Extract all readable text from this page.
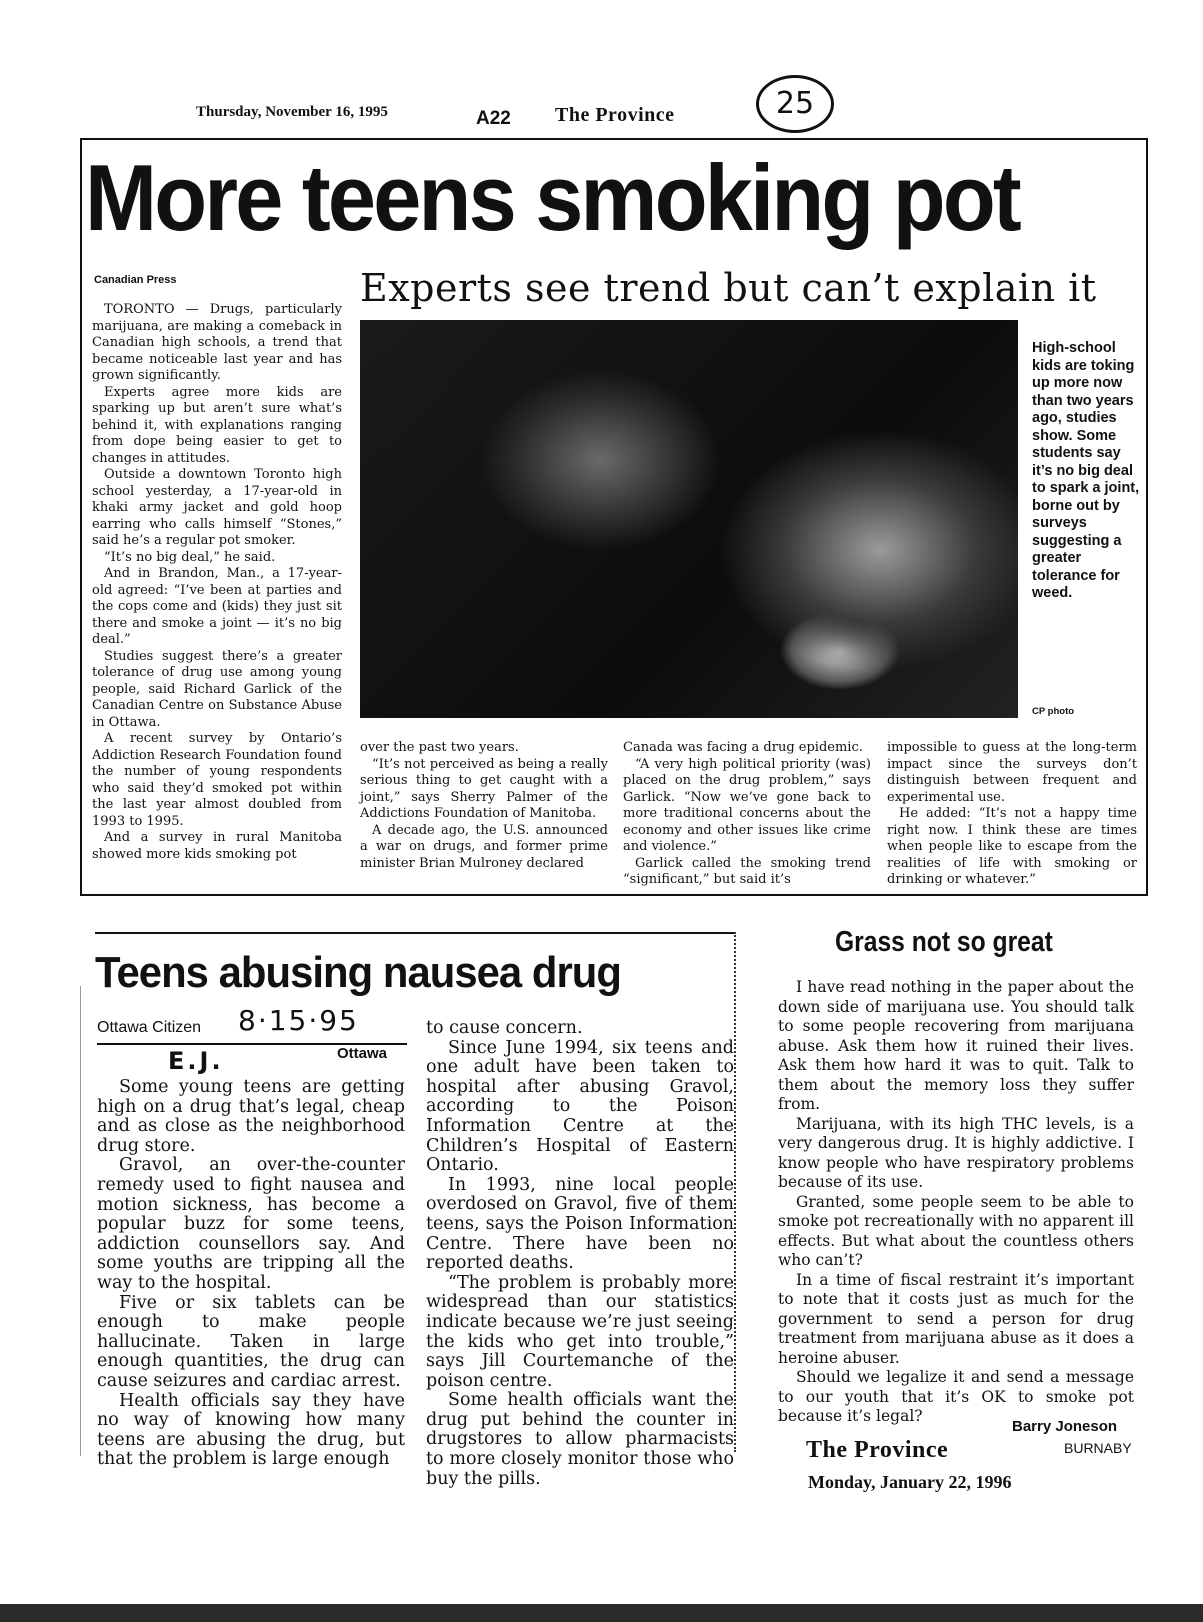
Thursday, November 16, 1995	A22 The Province	25
More teens smoking pot
Canadian Press	Experts see trend but can’t explain it

TORONTO — Drugs, particularly marijuana, are making a comeback in Canadian high schools, a trend that became noticeable last year and has grown significantly.

Experts agree more kids are sparking up but aren’t sure what’s behind it, with explanations ranging from dope being easier to get to changes in attitudes.

Outside a downtown Toronto high school yesterday, a 17-year-old in khaki army jacket and gold hoop earring who calls himself “Stones,” said he’s a regular pot smoker.

“It’s no big deal,” he said.

And in Brandon, Man., a 17-year-old agreed: “I’ve been at parties and the cops come and (kids) they just sit there and smoke a joint — it’s no big deal.”

Studies suggest there’s a greater tolerance of drug use among young people, said Richard Garlick of the Canadian Centre on Substance Abuse in Ottawa.

A recent survey by Ontario’s Addiction Research Foundation found the number of young respondents who said they’d smoked pot within the last year almost doubled from 1993 to 1995.

And a survey in rural Manitoba showed more kids smoking pot

High-school kids are toking up more now than two years ago, studies show. Some students say it’s no big deal to spark a joint, borne out by surveys suggesting a greater tolerance for weed.
CP photo

over the past two years.

“It’s not perceived as being a really serious thing to get caught with a joint,” says Sherry Palmer of the Addictions Foundation of Manitoba.

A decade ago, the U.S. announced a war on drugs, and former prime minister Brian Mulroney declared

Canada was facing a drug epidemic.

“A very high political priority (was) placed on the drug problem,” says Garlick. “Now we’ve gone back to more traditional concerns about the economy and other issues like crime and violence.”

Garlick called the smoking trend “significant,” but said it’s

impossible to guess at the long-term impact since the surveys don’t distinguish between frequent and experimental use.

He added: “It’s not a happy time right now. I think these are times when people like to escape from the realities of life with smoking or drinking or whatever.”

Teens abusing nausea drug
Ottawa Citizen 8·15·95
E.J.	Ottawa

Some young teens are getting high on a drug that’s legal, cheap and as close as the neighborhood drug store.

Gravol, an over-the-counter remedy used to fight nausea and motion sickness, has become a popular buzz for some teens, addiction counsellors say. And some youths are tripping all the way to the hospital.

Five or six tablets can be enough to make people hallucinate. Taken in large enough quantities, the drug can cause seizures and cardiac arrest.

Health officials say they have no way of knowing how many teens are abusing the drug, but that the problem is large enough

to cause concern.

Since June 1994, six teens and one adult have been taken to hospital after abusing Gravol, according to the Poison Information Centre at the Children’s Hospital of Eastern Ontario.

In 1993, nine local people overdosed on Gravol, five of them teens, says the Poison Information Centre. There have been no reported deaths.

“The problem is probably more widespread than our statistics indicate because we’re just seeing the kids who get into trouble,” says Jill Courtemanche of the poison centre.

Some health officials want the drug put behind the counter in drugstores to allow pharmacists to more closely monitor those who buy the pills.

Grass not so great

I have read nothing in the paper about the down side of marijuana use. You should talk to some people recovering from marijuana abuse. Ask them how it ruined their lives. Ask them how hard it was to quit. Talk to them about the memory loss they suffer from.

Marijuana, with its high THC levels, is a very dangerous drug. It is highly addictive. I know people who have respiratory problems because of its use.

Granted, some people seem to be able to smoke pot recreationally with no apparent ill effects. But what about the countless others who can’t?

In a time of fiscal restraint it’s important to note that it costs just as much for the government to send a person for drug treatment from marijuana abuse as it does a heroine abuser.

Should we legalize it and send a message to our youth that it’s OK to smoke pot because it’s legal?

Barry Joneson
BURNABY
The Province
Monday, January 22, 1996
